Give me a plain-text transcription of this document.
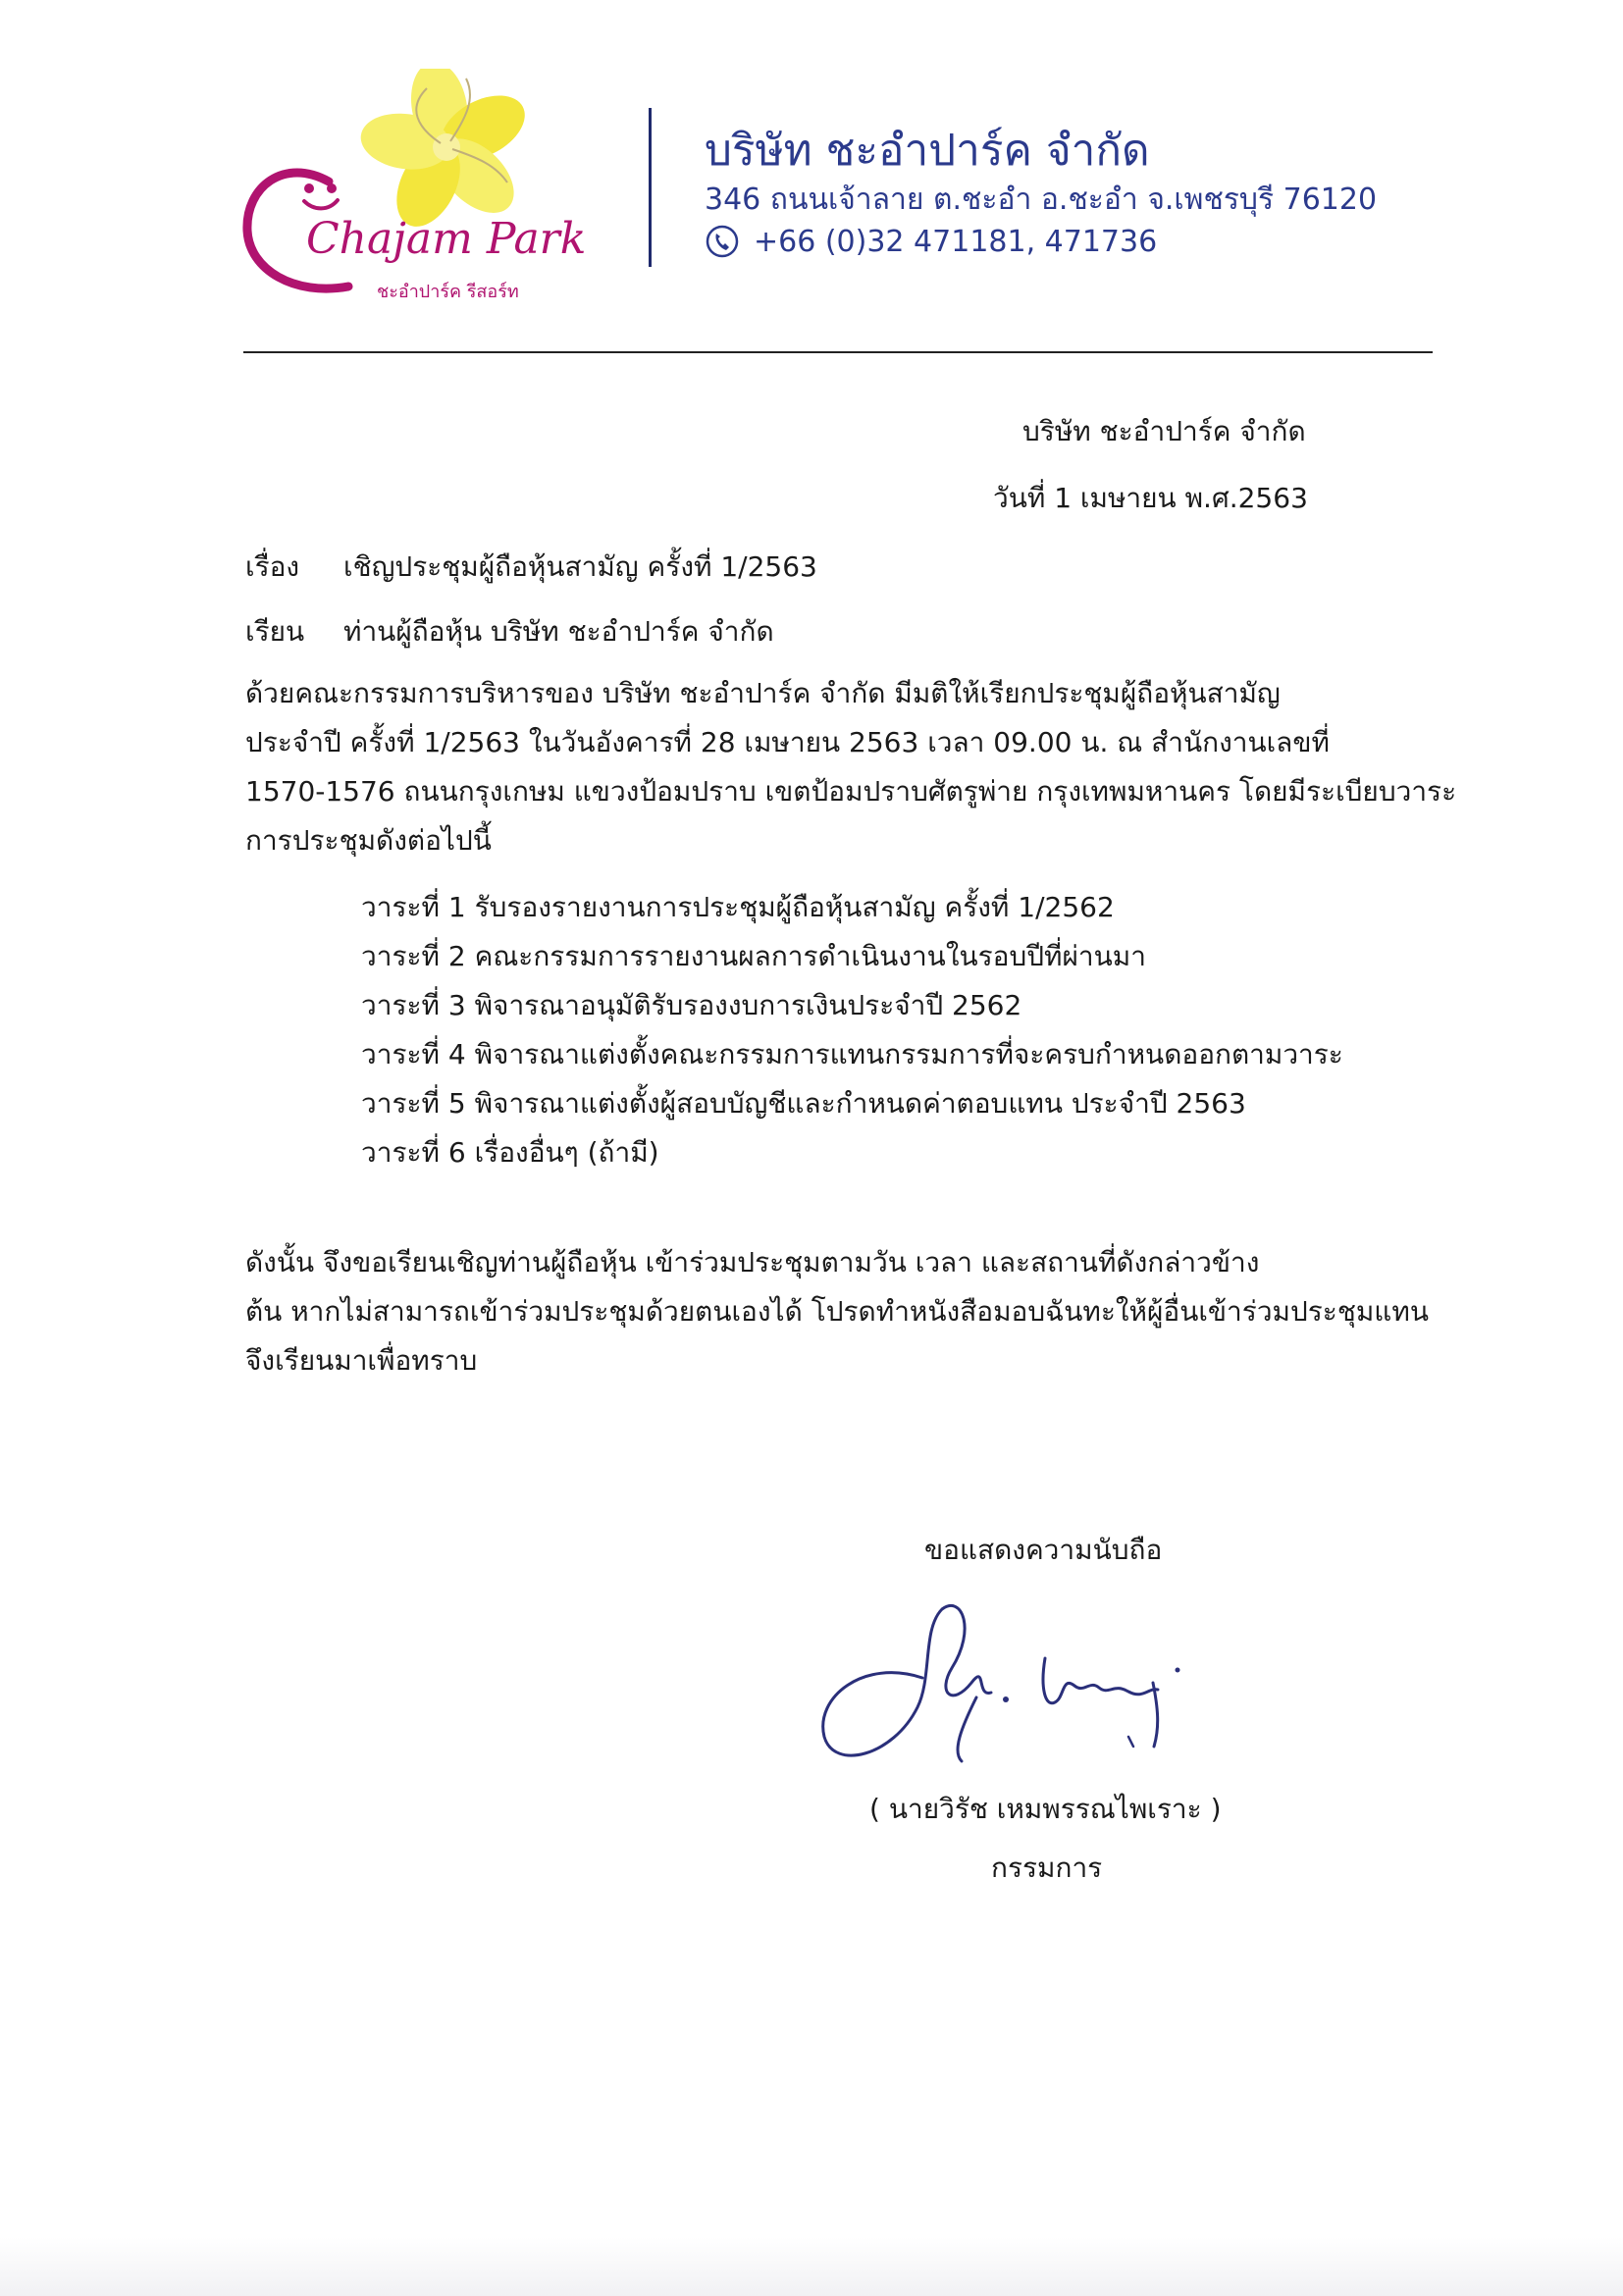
Chajam Park
ชะอำปาร์ค รีสอร์ท
บริษัท ชะอำปาร์ค จำกัด
346 ถนนเจ้าลาย ต.ชะอำ อ.ชะอำ จ.เพชรบุรี 76120
+66 (0)32 471181, 471736
บริษัท ชะอำปาร์ค จำกัด
วันที่ 1 เมษายน พ.ศ.2563
เรื่อง เชิญประชุมผู้ถือหุ้นสามัญ ครั้งที่ 1/2563
เรียน ท่านผู้ถือหุ้น บริษัท ชะอำปาร์ค จำกัด
ด้วยคณะกรรมการบริหารของ บริษัท ชะอำปาร์ค จำกัด มีมติให้เรียกประชุมผู้ถือหุ้นสามัญ
ประจำปี ครั้งที่ 1/2563 ในวันอังคารที่ 28 เมษายน 2563 เวลา 09.00 น. ณ สำนักงานเลขที่
1570-1576 ถนนกรุงเกษม แขวงป้อมปราบ เขตป้อมปราบศัตรูพ่าย กรุงเทพมหานคร โดยมีระเบียบวาระ
การประชุมดังต่อไปนี้
วาระที่ 1 รับรองรายงานการประชุมผู้ถือหุ้นสามัญ ครั้งที่ 1/2562
วาระที่ 2 คณะกรรมการรายงานผลการดำเนินงานในรอบปีที่ผ่านมา
วาระที่ 3 พิจารณาอนุมัติรับรองงบการเงินประจำปี 2562
วาระที่ 4 พิจารณาแต่งตั้งคณะกรรมการแทนกรรมการที่จะครบกำหนดออกตามวาระ
วาระที่ 5 พิจารณาแต่งตั้งผู้สอบบัญชีและกำหนดค่าตอบแทน ประจำปี 2563
วาระที่ 6 เรื่องอื่นๆ (ถ้ามี)
ดังนั้น จึงขอเรียนเชิญท่านผู้ถือหุ้น เข้าร่วมประชุมตามวัน เวลา และสถานที่ดังกล่าวข้าง
ต้น หากไม่สามารถเข้าร่วมประชุมด้วยตนเองได้ โปรดทำหนังสือมอบฉันทะให้ผู้อื่นเข้าร่วมประชุมแทน
จึงเรียนมาเพื่อทราบ
ขอแสดงความนับถือ
( นายวิรัช เหมพรรณไพเราะ )
กรรมการ
